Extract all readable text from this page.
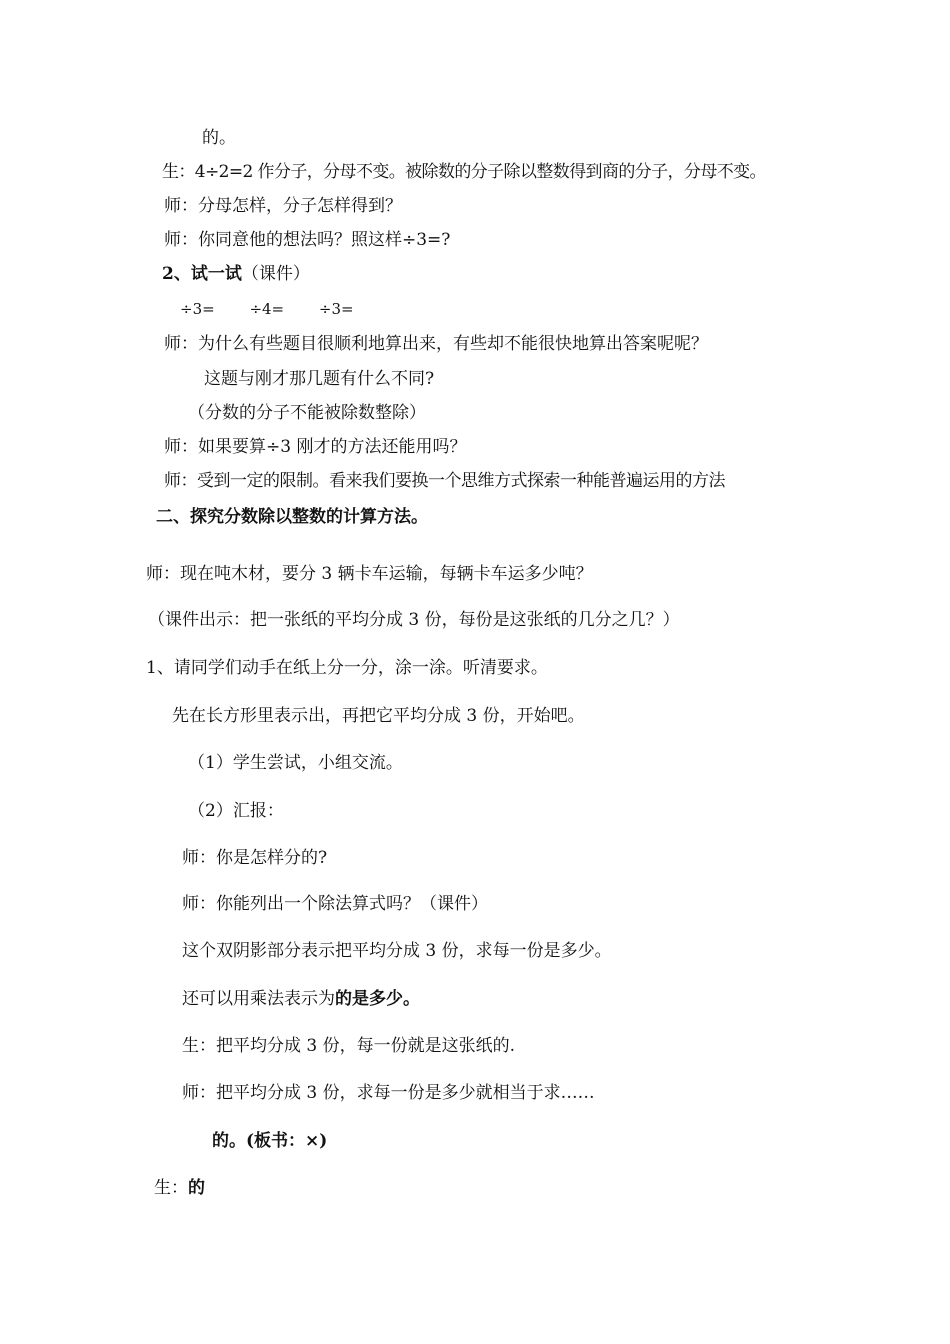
的。
生：4÷2=2 作分子，分母不变。被除数的分子除以整数得到商的分子，分母不变。
师：分母怎样，分子怎样得到？
师：你同意他的想法吗？照这样÷3=?
2、试一试（课件）
÷3=　　 ÷4=　　 ÷3=
师：为什么有些题目很顺利地算出来，有些却不能很快地算出答案呢呢？
这题与刚才那几题有什么不同?
（分数的分子不能被除数整除）
师：如果要算÷3 刚才的方法还能用吗？
师：受到一定的限制。看来我们要换一个思维方式探索一种能普遍运用的方法
二、探究分数除以整数的计算方法。
师：现在吨木材，要分 3 辆卡车运输，每辆卡车运多少吨？
（课件出示：把一张纸的平均分成 3 份，每份是这张纸的几分之几？）
1、请同学们动手在纸上分一分，涂一涂。听清要求。
先在长方形里表示出，再把它平均分成 3 份，开始吧。
（1）学生尝试，小组交流。
（2）汇报：
师：你是怎样分的?
师：你能列出一个除法算式吗？（课件）
这个双阴影部分表示把平均分成 3 份，求每一份是多少。
还可以用乘法表示为的是多少。
生：把平均分成 3 份，每一份就是这张纸的.
师：把平均分成 3 份，求每一份是多少就相当于求……
的。(板书：×)
生：的
